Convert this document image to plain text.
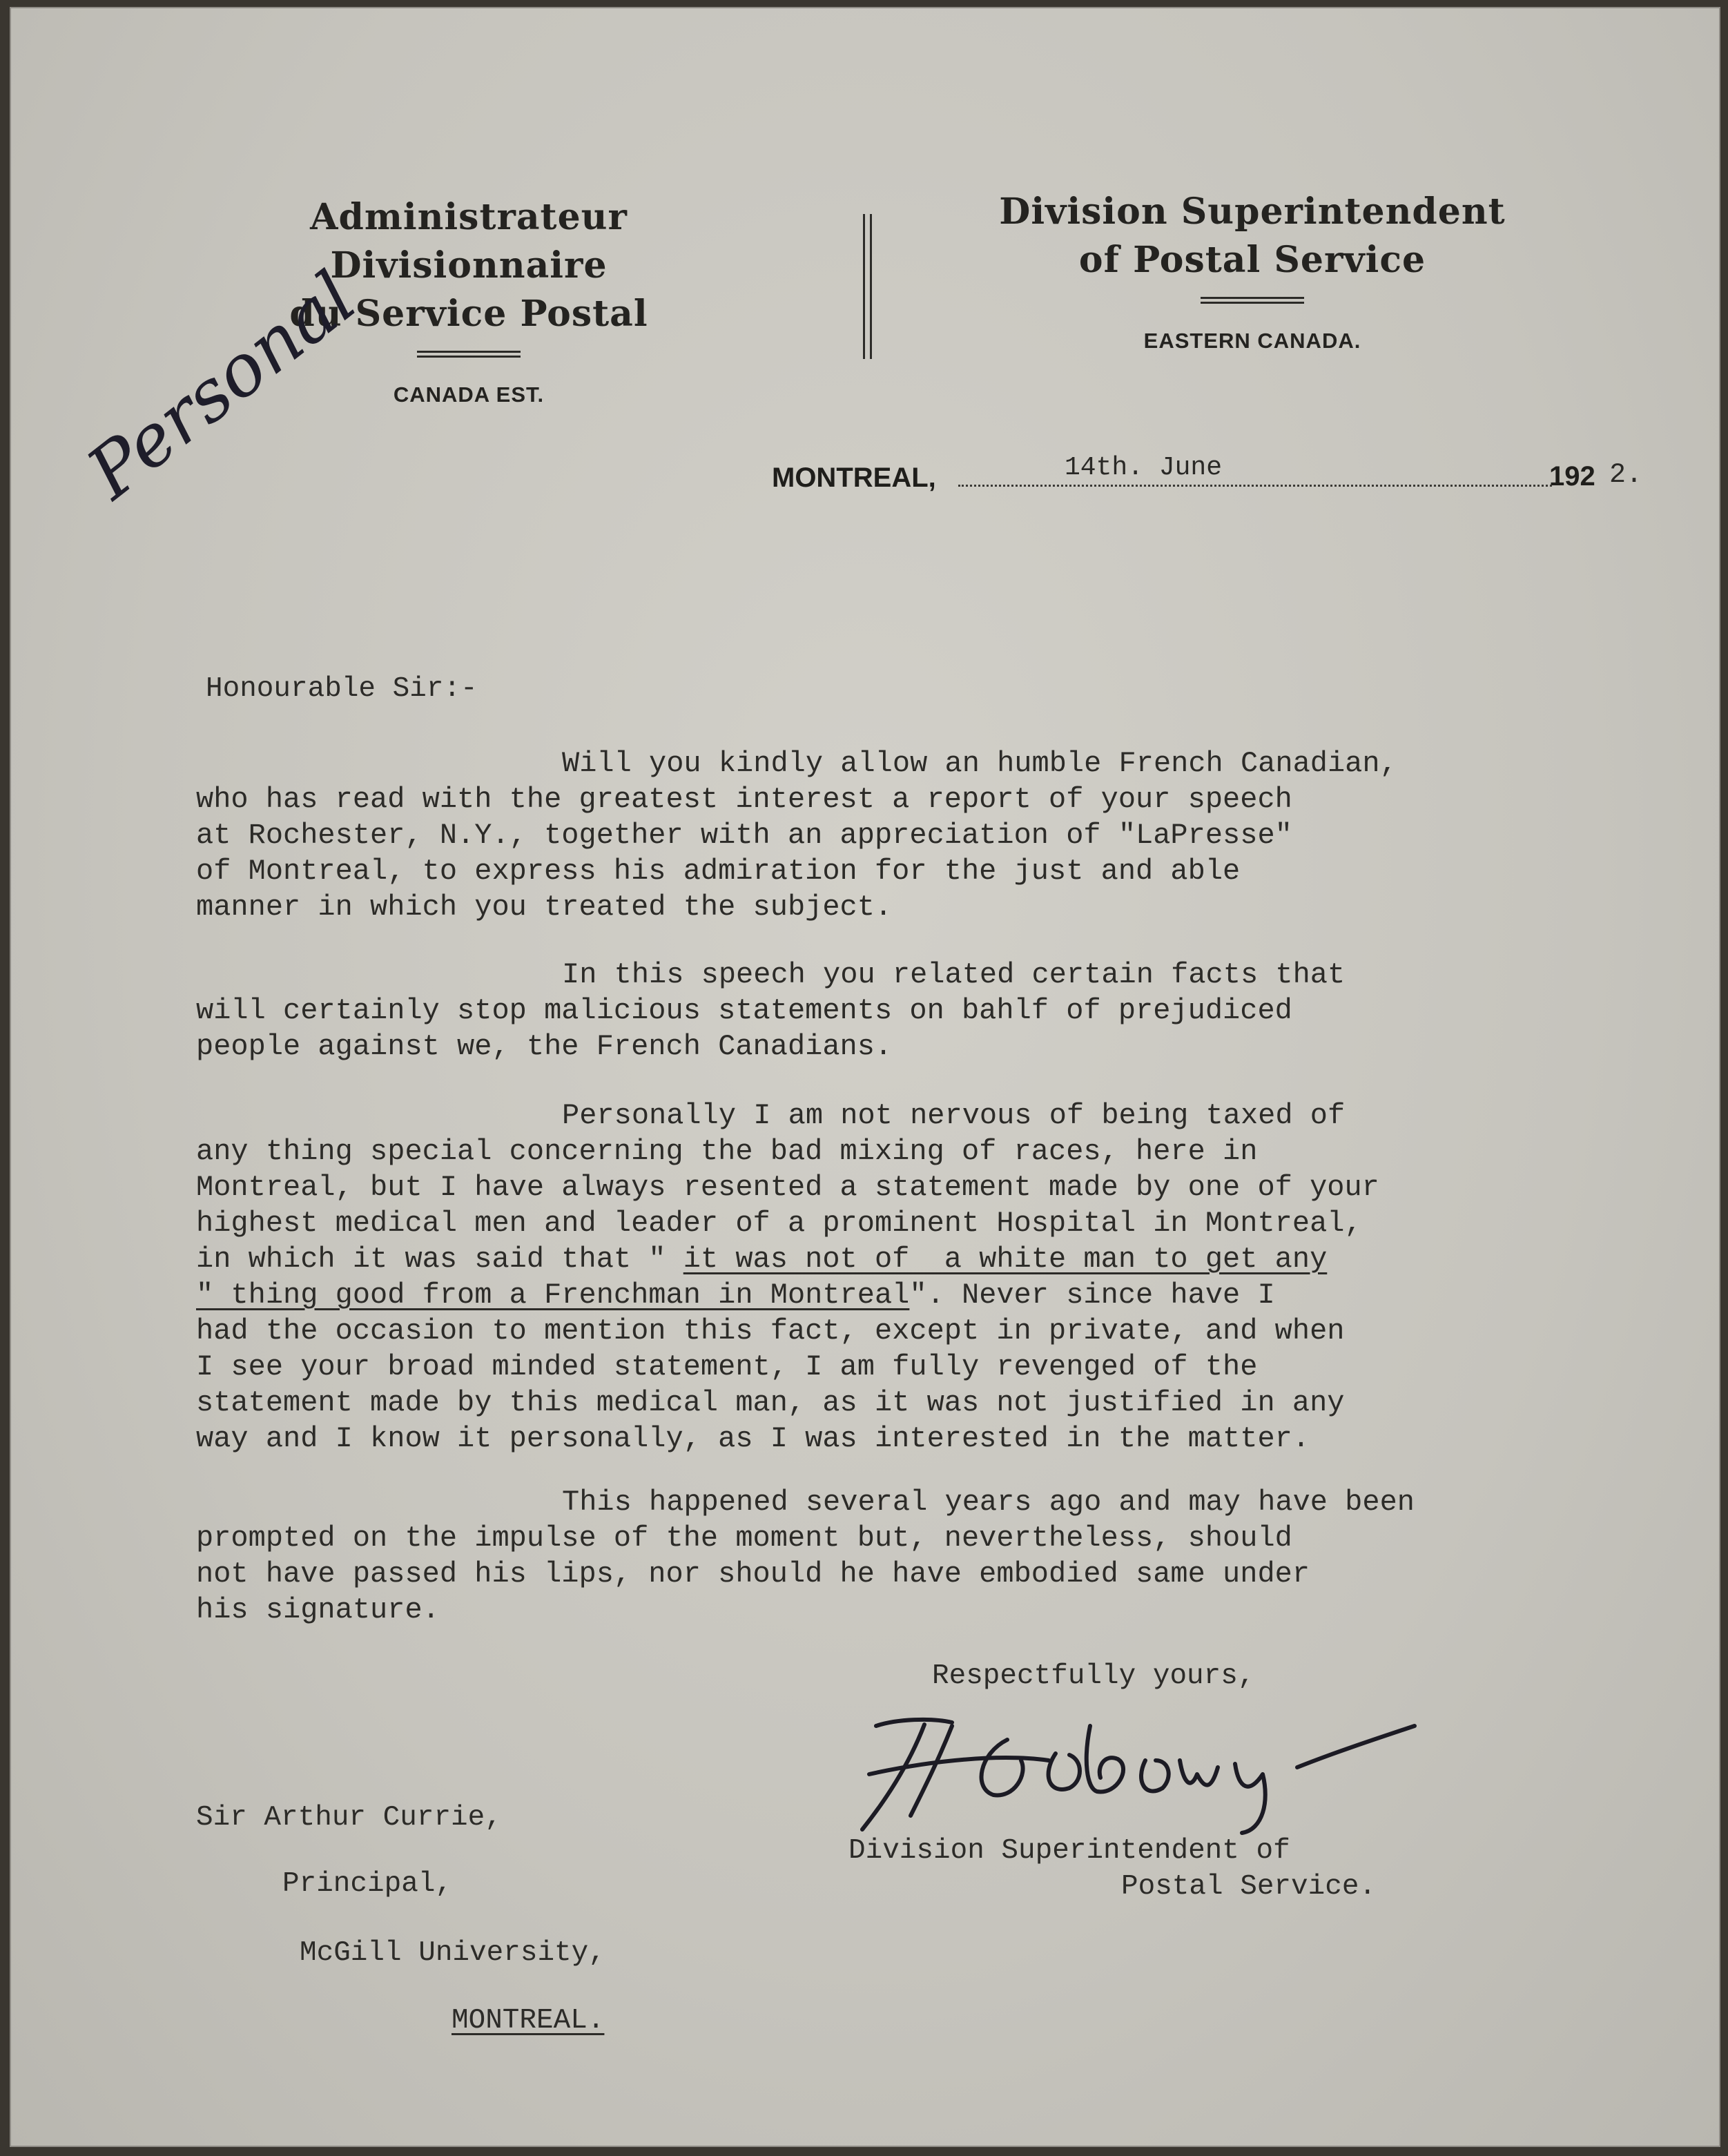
Administrateur Divisionnaire
du Service Postal
CANADA EST.
Division Superintendent
of Postal Service
EASTERN CANADA.
Personal	MONTREAL,	14th. June	192 2.
Honourable Sir:-
Will you kindly allow an humble French Canadian,
who has read with the greatest interest a report of your speech
at Rochester, N.Y., together with an appreciation of "LaPresse"
of Montreal, to express his admiration for the just and able
manner in which you treated the subject.
In this speech you related certain facts that
will certainly stop malicious statements on bahlf of prejudiced
people against we, the French Canadians.
Personally I am not nervous of being taxed of
any thing special concerning the bad mixing of races, here in
Montreal, but I have always resented a statement made by one of your
highest medical men and leader of a prominent Hospital in Montreal,
in which it was said that " it was not of  a white man to get any
" thing good from a Frenchman in Montreal". Never since have I
had the occasion to mention this fact, except in private, and when
I see your broad minded statement, I am fully revenged of the
statement made by this medical man, as it was not justified in any
way and I know it personally, as I was interested in the matter.
This happened several years ago and may have been
prompted on the impulse of the moment but, nevertheless, should
not have passed his lips, nor should he have embodied same under
his signature.
Respectfully yours,
Division Superintendent of
Postal Service.
Sir Arthur Currie,
Principal,
McGill University,
MONTREAL.
